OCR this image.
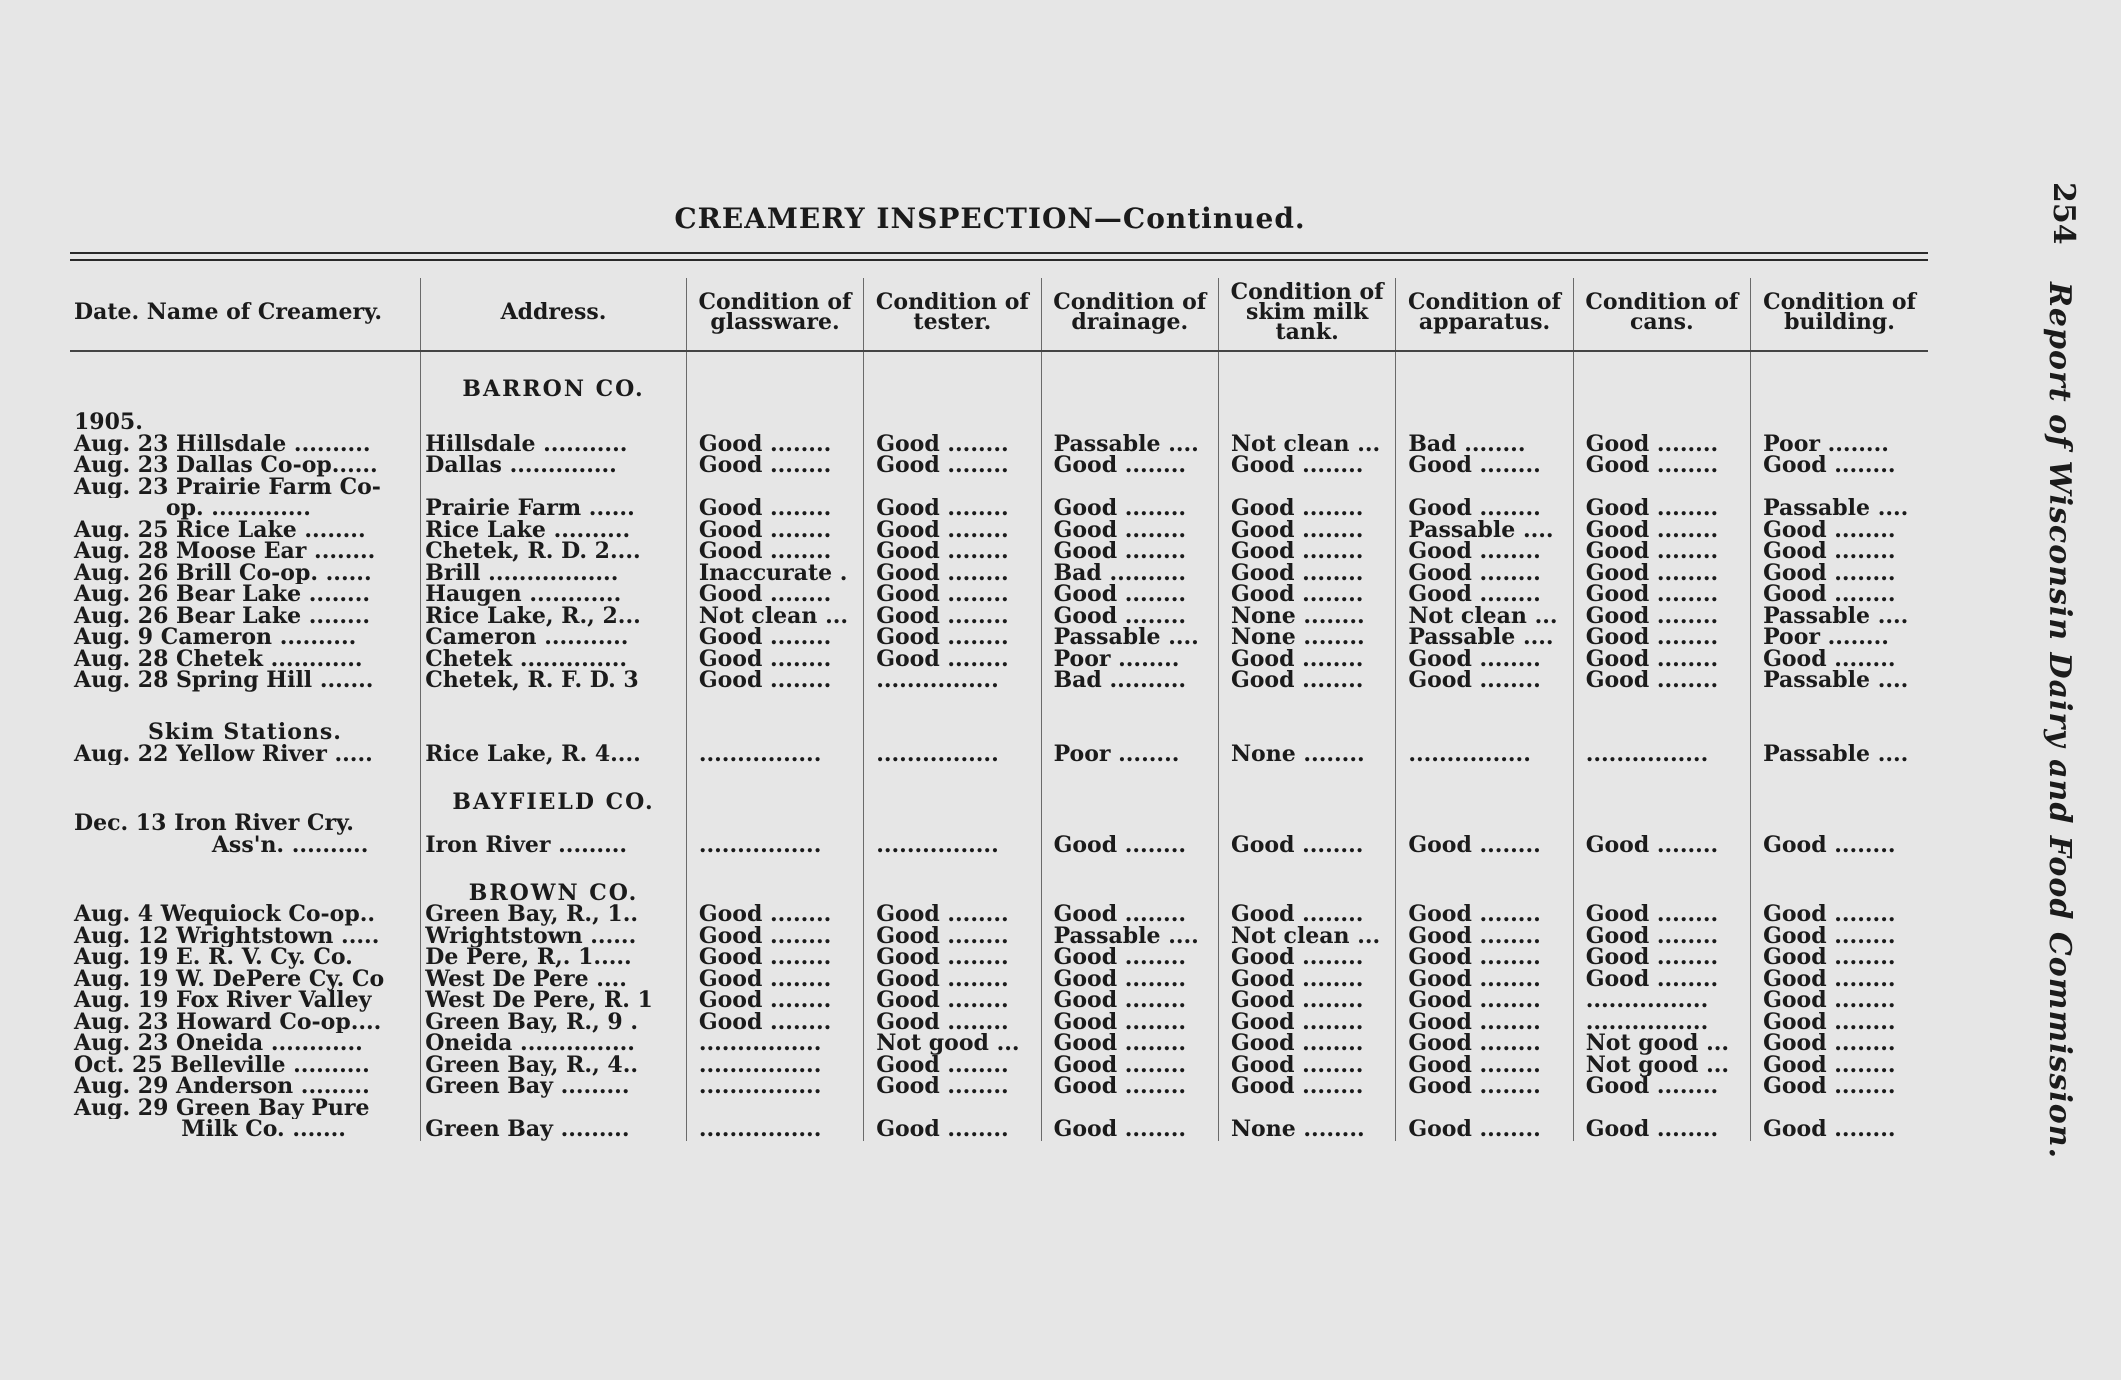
CREAMERY INSPECTION—Continued.	254
Report of Wisconsin Dairy and Food Commission.
Date. Name of Creamery.	Address.	Condition of glassware.	Condition of tester.	Condition of drainage.	Condition of skim milk tank.	Condition of apparatus.	Condition of cans.	Condition of building.
	BARRON CO.							
1905.								
Aug. 23 Hillsdale ..........	Hillsdale ...........	Good ........	Good ........	Passable ....	Not clean ...	Bad ........	Good ........	Poor ........
Aug. 23 Dallas Co-op......	Dallas ..............	Good ........	Good ........	Good ........	Good ........	Good ........	Good ........	Good ........
Aug. 23 Prairie Farm Co-								
op. .............	Prairie Farm ......	Good ........	Good ........	Good ........	Good ........	Good ........	Good ........	Passable ....
Aug. 25 Rice Lake ........	Rice Lake ..........	Good ........	Good ........	Good ........	Good ........	Passable ....	Good ........	Good ........
Aug. 28 Moose Ear ........	Chetek, R. D. 2....	Good ........	Good ........	Good ........	Good ........	Good ........	Good ........	Good ........
Aug. 26 Brill Co-op. ......	Brill .................	Inaccurate .	Good ........	Bad ..........	Good ........	Good ........	Good ........	Good ........
Aug. 26 Bear Lake ........	Haugen ............	Good ........	Good ........	Good ........	Good ........	Good ........	Good ........	Good ........
Aug. 26 Bear Lake ........	Rice Lake, R., 2...	Not clean ...	Good ........	Good ........	None ........	Not clean ...	Good ........	Passable ....
Aug. 9 Cameron ..........	Cameron ...........	Good ........	Good ........	Passable ....	None ........	Passable ....	Good ........	Poor ........
Aug. 28 Chetek ............	Chetek ..............	Good ........	Good ........	Poor ........	Good ........	Good ........	Good ........	Good ........
Aug. 28 Spring Hill .......	Chetek, R. F. D. 3	Good ........	................	Bad ..........	Good ........	Good ........	Good ........	Passable ....
Skim Stations.								
Aug. 22 Yellow River .....	Rice Lake, R. 4....	................	................	Poor ........	None ........	................	................	Passable ....
	BAYFIELD CO.							
Dec. 13 Iron River Cry.								
Ass'n. ..........	Iron River .........	................	................	Good ........	Good ........	Good ........	Good ........	Good ........
	BROWN CO.							
Aug. 4 Wequiock Co-op..	Green Bay, R., 1..	Good ........	Good ........	Good ........	Good ........	Good ........	Good ........	Good ........
Aug. 12 Wrightstown .....	Wrightstown ......	Good ........	Good ........	Passable ....	Not clean ...	Good ........	Good ........	Good ........
Aug. 19 E. R. V. Cy. Co.	De Pere, R,. 1.....	Good ........	Good ........	Good ........	Good ........	Good ........	Good ........	Good ........
Aug. 19 W. DePere Cy. Co	West De Pere ....	Good ........	Good ........	Good ........	Good ........	Good ........	Good ........	Good ........
Aug. 19 Fox River Valley	West De Pere, R. 1	Good ........	Good ........	Good ........	Good ........	Good ........	................	Good ........
Aug. 23 Howard Co-op....	Green Bay, R., 9 .	Good ........	Good ........	Good ........	Good ........	Good ........	................	Good ........
Aug. 23 Oneida ............	Oneida ...............	................	Not good ...	Good ........	Good ........	Good ........	Not good ...	Good ........
Oct. 25 Belleville ..........	Green Bay, R., 4..	................	Good ........	Good ........	Good ........	Good ........	Not good ...	Good ........
Aug. 29 Anderson .........	Green Bay .........	................	Good ........	Good ........	Good ........	Good ........	Good ........	Good ........
Aug. 29 Green Bay Pure								
Milk Co. .......	Green Bay .........	................	Good ........	Good ........	None ........	Good ........	Good ........	Good ........
